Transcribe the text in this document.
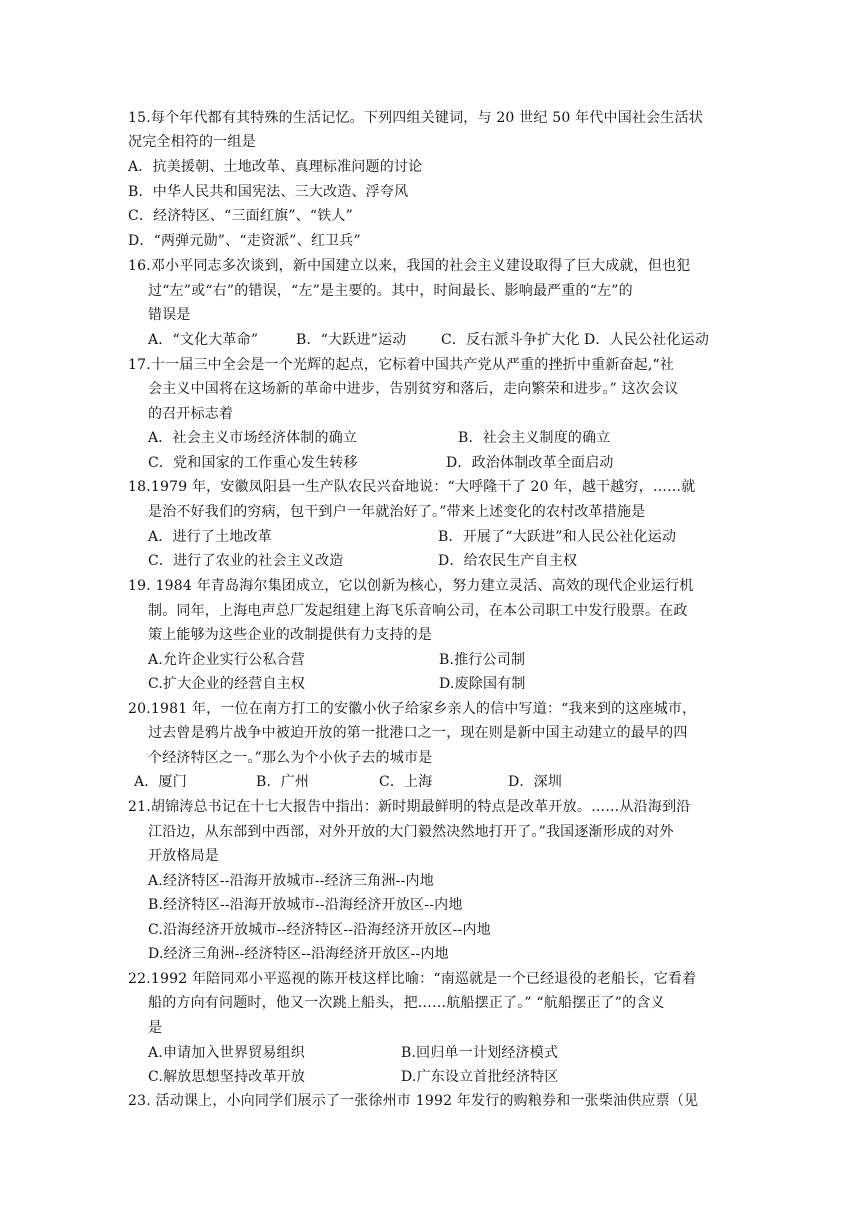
15.每个年代都有其特殊的生活记忆。下列四组关键词，与 20 世纪 50 年代中国社会生活状
况完全相符的一组是
A．抗美援朝、土地改革、真理标准问题的讨论
B．中华人民共和国宪法、三大改造、浮夸风
C．经济特区、“三面红旗”、“铁人”
D．“两弹元勋”、“走资派”、红卫兵”
16.邓小平同志多次谈到，新中国建立以来，我国的社会主义建设取得了巨大成就，但也犯
过“左”或“右”的错误，“左”是主要的。其中，时间最长、影响最严重的“左”的
错误是
A．“文化大革命”	B．“大跃进”运动 C．反右派斗争扩大化 D．人民公社化运动
17.十一届三中全会是一个光辉的起点，它标着中国共产党从严重的挫折中重新奋起,“社
会主义中国将在这场新的革命中进步，告别贫穷和落后，走向繁荣和进步。” 这次会议
的召开标志着
A．社会主义市场经济体制的确立	B．社会主义制度的确立
C．党和国家的工作重心发生转移	D．政治体制改革全面启动
18.1979 年，安徽凤阳县一生产队农民兴奋地说：“大呼隆干了 20 年，越干越穷，……就
是治不好我们的穷病，包干到户一年就治好了。”带来上述变化的农村改革措施是
A．进行了土地改革	B．开展了“大跃进”和人民公社化运动
C．进行了农业的社会主义改造	D．给农民生产自主权
19. 1984 年青岛海尔集团成立，它以创新为核心，努力建立灵活、高效的现代企业运行机
制。同年，上海电声总厂发起组建上海飞乐音响公司，在本公司职工中发行股票。在政
策上能够为这些企业的改制提供有力支持的是
A.允许企业实行公私合营	B.推行公司制
C.扩大企业的经营自主权	D.废除国有制
20.1981 年，一位在南方打工的安徽小伙子给家乡亲人的信中写道：“我来到的这座城市，
过去曾是鸦片战争中被迫开放的第一批港口之一，现在则是新中国主动建立的最早的四
个经济特区之一。”那么为个小伙子去的城市是
A．厦门	B．广州	C．上海	D．深圳
21.胡锦涛总书记在十七大报告中指出：新时期最鲜明的特点是改革开放。……从沿海到沿
江沿边，从东部到中西部，对外开放的大门毅然决然地打开了。”我国逐渐形成的对外
开放格局是
A.经济特区--沿海开放城市--经济三角洲--内地
B.经济特区--沿海开放城市--沿海经济开放区--内地
C.沿海经济开放城市--经济特区--沿海经济开放区--内地
D.经济三角洲--经济特区--沿海经济开放区--内地
22.1992 年陪同邓小平巡视的陈开枝这样比喻：“南巡就是一个已经退役的老船长，它看着
船的方向有问题时，他又一次跳上船头，把……航船摆正了。” “航船摆正了”的含义
是
A.申请加入世界贸易组织	B.回归单一计划经济模式
C.解放思想坚持改革开放	D.广东设立首批经济特区
23. 活动课上，小向同学们展示了一张徐州市 1992 年发行的购粮券和一张柴油供应票（见
